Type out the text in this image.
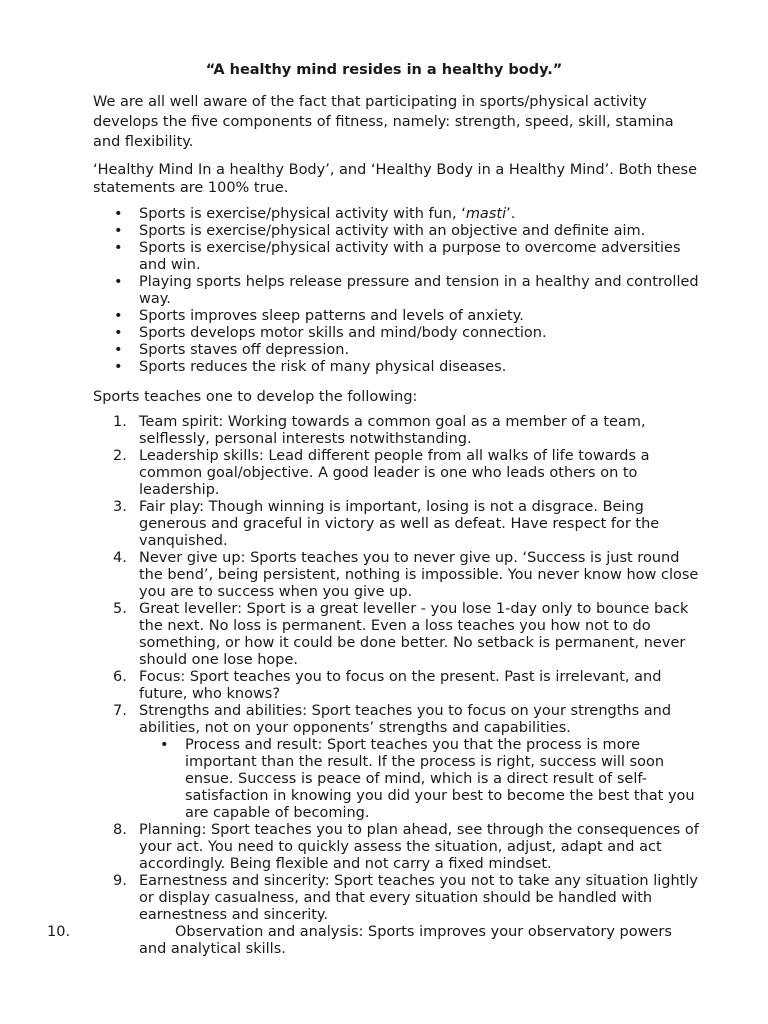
“A healthy mind resides in a healthy body.”

We are all well aware of the fact that participating in sports/physical activity develops the five components of fitness, namely: strength, speed, skill, stamina and flexibility.

‘Healthy Mind In a healthy Body’, and ‘Healthy Body in a Healthy Mind’. Both these statements are 100% true.

• Sports is exercise/physical activity with fun, ‘masti’.
• Sports is exercise/physical activity with an objective and definite aim.
• Sports is exercise/physical activity with a purpose to overcome adversities and win.
• Playing sports helps release pressure and tension in a healthy and controlled way.
• Sports improves sleep patterns and levels of anxiety.
• Sports develops motor skills and mind/body connection.
• Sports staves off depression.
• Sports reduces the risk of many physical diseases.

Sports teaches one to develop the following:

1. Team spirit: Working towards a common goal as a member of a team, selflessly, personal interests notwithstanding.
2. Leadership skills: Lead different people from all walks of life towards a common goal/objective. A good leader is one who leads others on to leadership.
3. Fair play: Though winning is important, losing is not a disgrace. Being generous and graceful in victory as well as defeat. Have respect for the vanquished.
4. Never give up: Sports teaches you to never give up. ‘Success is just round the bend’, being persistent, nothing is impossible. You never know how close you are to success when you give up.
5. Great leveller: Sport is a great leveller - you lose 1-day only to bounce back the next. No loss is permanent. Even a loss teaches you how not to do something, or how it could be done better. No setback is permanent, never should one lose hope.
6. Focus: Sport teaches you to focus on the present. Past is irrelevant, and future, who knows?
7. Strengths and abilities: Sport teaches you to focus on your strengths and abilities, not on your opponents’ strengths and capabilities.
• Process and result: Sport teaches you that the process is more important than the result. If the process is right, success will soon ensue. Success is peace of mind, which is a direct result of self-satisfaction in knowing you did your best to become the best that you are capable of becoming.
8. Planning: Sport teaches you to plan ahead, see through the consequences of your act. You need to quickly assess the situation, adjust, adapt and act accordingly. Being flexible and not carry a fixed mindset.
9. Earnestness and sincerity: Sport teaches you not to take any situation lightly or display casualness, and that every situation should be handled with earnestness and sincerity.
10.	Observation and analysis: Sports improves your observatory powers and analytical skills.
